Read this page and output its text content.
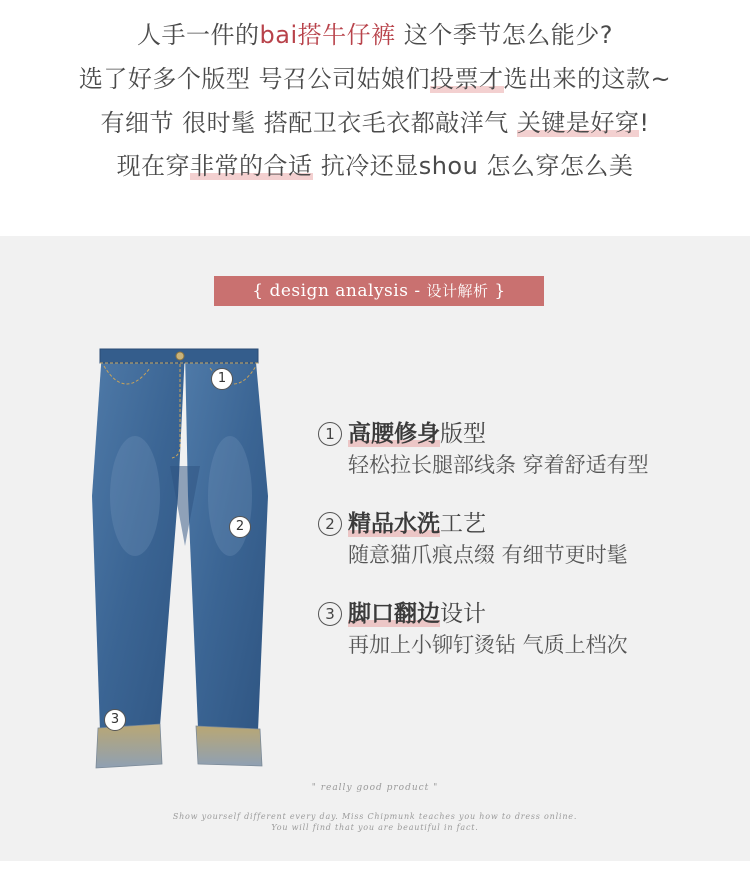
人手一件的bai搭牛仔裤 这个季节怎么能少?
选了好多个版型 号召公司姑娘们投票才选出来的这款~
有细节 很时髦 搭配卫衣毛衣都敲洋气 关键是好穿!
现在穿非常的合适 抗冷还显shou 怎么穿怎么美
{ design analysis - 设计解析 }
1
2
3
1 高腰修身版型
轻松拉长腿部线条 穿着舒适有型
2 精品水洗工艺
随意猫爪痕点缀 有细节更时髦
3 脚口翻边设计
再加上小铆钉烫钻 气质上档次
" really good product "
Show yourself different every day. Miss Chipmunk teaches you how to dress online.
You will find that you are beautiful in fact.
